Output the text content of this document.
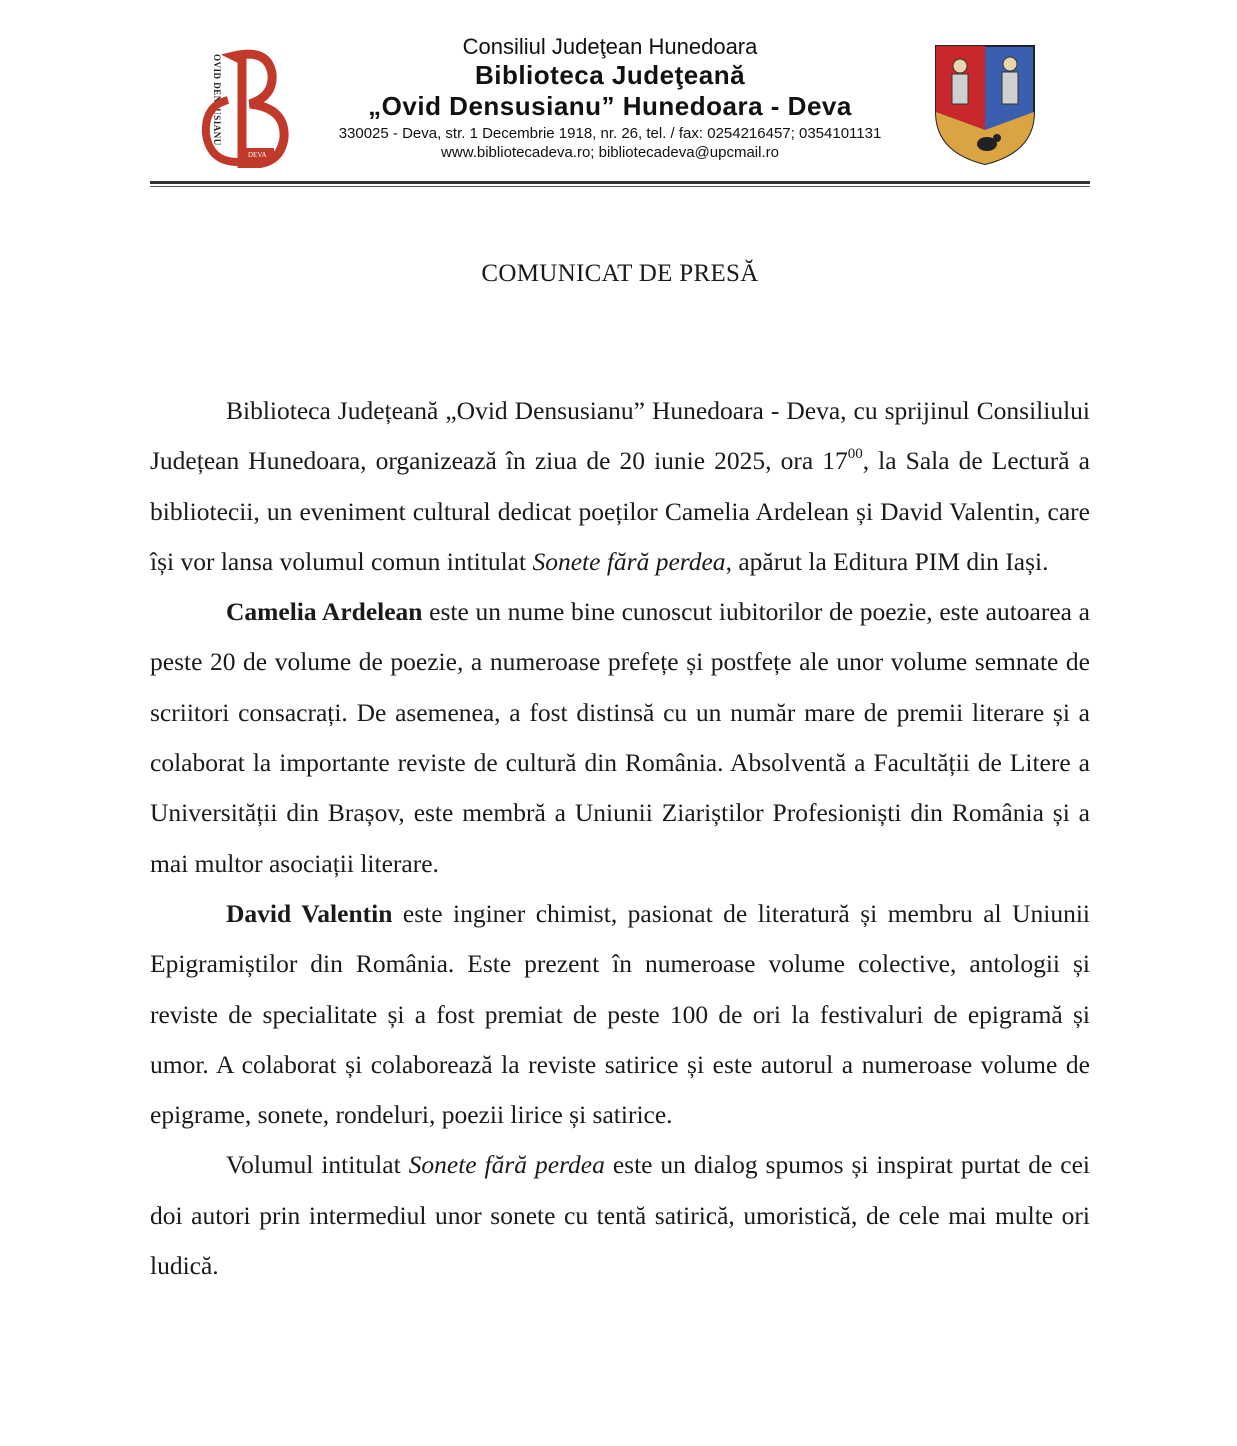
OVID DENSUSIANU
DEVA
Consiliul Judeţean Hunedoara
Biblioteca Judeţeană
„Ovid Densusianu” Hunedoara - Deva
330025 - Deva, str. 1 Decembrie 1918, nr. 26, tel. / fax: 0254216457; 0354101131
www.bibliotecadeva.ro; bibliotecadeva@upcmail.ro
COMUNICAT DE PRESĂ

Biblioteca Județeană „Ovid Densusianu” Hunedoara - Deva, cu sprijinul Consiliului Județean Hunedoara, organizează în ziua de 20 iunie 2025, ora $17^{00}$, la Sala de Lectură a bibliotecii, un eveniment cultural dedicat poeților Camelia Ardelean și David Valentin, care își vor lansa volumul comun intitulat Sonete fără perdea, apărut la Editura PIM din Iași.

Camelia Ardelean este un nume bine cunoscut iubitorilor de poezie, este autoarea a peste 20 de volume de poezie, a numeroase prefețe și postfețe ale unor volume semnate de scriitori consacrați. De asemenea, a fost distinsă cu un număr mare de premii literare și a colaborat la importante reviste de cultură din România. Absolventă a Facultății de Litere a Universității din Brașov, este membră a Uniunii Ziariștilor Profesioniști din România și a mai multor asociații literare.

David Valentin este inginer chimist, pasionat de literatură și membru al Uniunii Epigramiștilor din România. Este prezent în numeroase volume colective, antologii și reviste de specialitate și a fost premiat de peste 100 de ori la festivaluri de epigramă și umor. A colaborat și colaborează la reviste satirice și este autorul a numeroase volume de epigrame, sonete, rondeluri, poezii lirice și satirice.

Volumul intitulat Sonete fără perdea este un dialog spumos și inspirat purtat de cei doi autori prin intermediul unor sonete cu tentă satirică, umoristică, de cele mai multe ori ludică.
